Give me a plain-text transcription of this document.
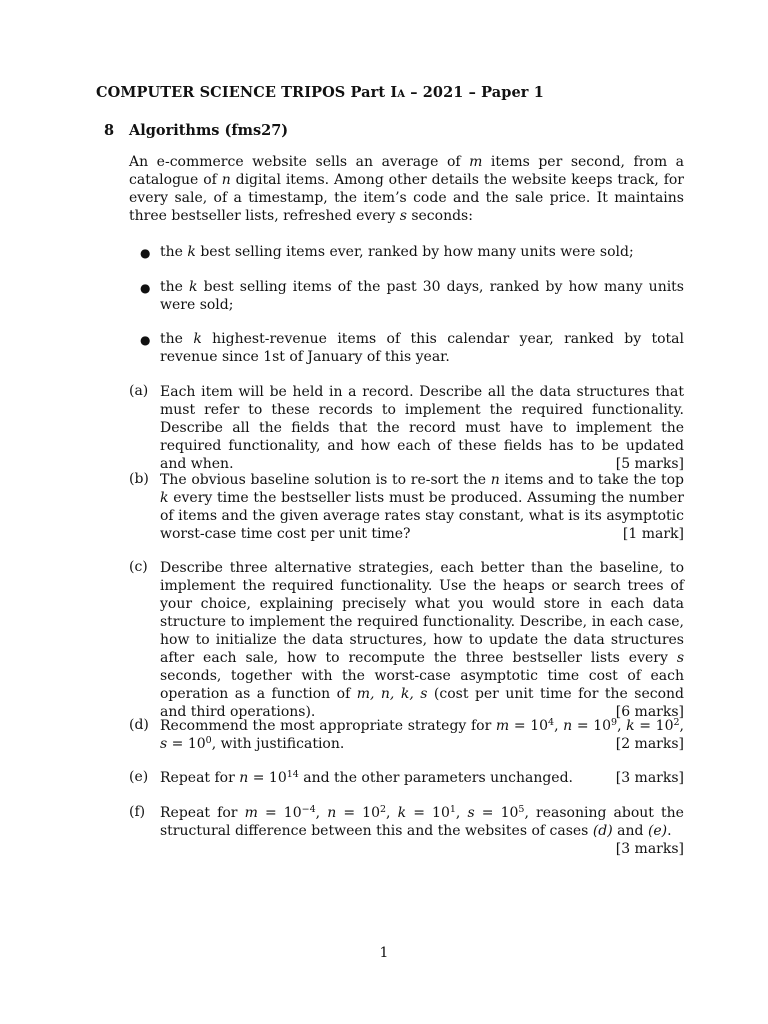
COMPUTER SCIENCE TRIPOS Part Ia – 2021 – Paper 1
8 Algorithms (fms27)

An e-commerce website sells an average of m items per second, from a catalogue of n digital items. Among other details the website keeps track, for every sale, of a timestamp, the item’s code and the sale price. It maintains three bestseller lists, refreshed every s seconds:

● the k best selling items ever, ranked by how many units were sold;
● the k best selling items of the past 30 days, ranked by how many units were sold;
● the k highest-revenue items of this calendar year, ranked by total revenue since 1st of January of this year.
(a) Each item will be held in a record. Describe all the data structures that must refer to these records to implement the required functionality. Describe all the fields that the record must have to implement the required functionality, and how each of these fields has to be updated and when.	[5 marks]
(b) The obvious baseline solution is to re-sort the n items and to take the top k every time the bestseller lists must be produced. Assuming the number of items and the given average rates stay constant, what is its asymptotic worst-case time cost per unit time?	[1 mark]
(c) Describe three alternative strategies, each better than the baseline, to implement the required functionality. Use the heaps or search trees of your choice, explaining precisely what you would store in each data structure to implement the required functionality. Describe, in each case, how to initialize the data structures, how to update the data structures after each sale, how to recompute the three bestseller lists every s seconds, together with the worst-case asymptotic time cost of each operation as a function of m, n, k, s (cost per unit time for the second and third operations).	[6 marks]
(d) Recommend the most appropriate strategy for $m = 10^4$, $n = 10^9$, $k = 10^2$, $s = 10^0$, with justification.	[2 marks]
(e) Repeat for $n = 10^{14}$ and the other parameters unchanged.	[3 marks]
(f)	Repeat for $m = 10^{-4}$, $n = 10^2$, $k = 10^1$, $s = 10^5$, reasoning about the structural difference between this and the websites of cases (d) and (e).
[3 marks]
1
